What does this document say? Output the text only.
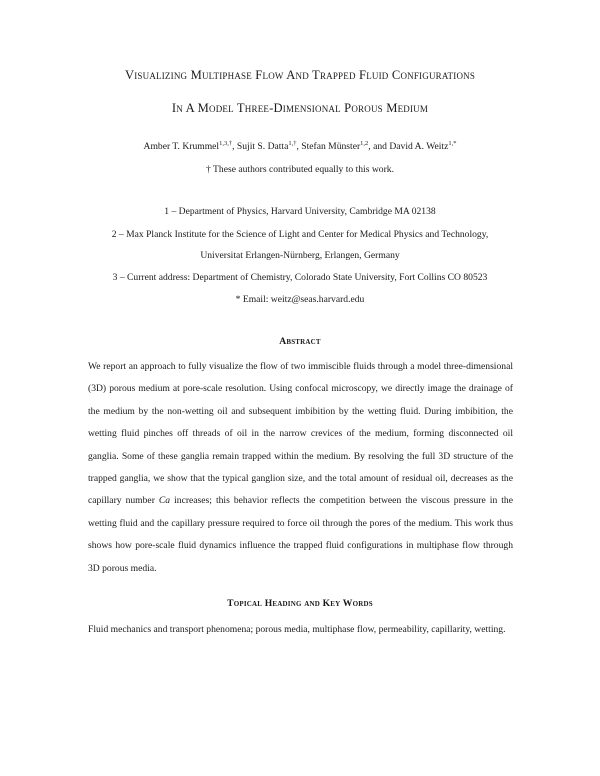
Visualizing Multiphase Flow And Trapped Fluid Configurations
In A Model Three-Dimensional Porous Medium
Amber T. Krummel$^{1,3,\dagger}$, Sujit S. Datta$^{1,\dagger}$, Stefan Münster$^{1,2}$, and David A. Weitz$^{1,*}$
† These authors contributed equally to this work.
1 – Department of Physics, Harvard University, Cambridge MA 02138
2 – Max Planck Institute for the Science of Light and Center for Medical Physics and Technology,
Universitat Erlangen-Nürnberg, Erlangen, Germany
3 – Current address: Department of Chemistry, Colorado State University, Fort Collins CO 80523
* Email: weitz@seas.harvard.edu
Abstract
We report an approach to fully visualize the flow of two immiscible fluids through a model three-dimensional (3D) porous medium at pore-scale resolution. Using confocal microscopy, we directly image the drainage of the medium by the non-wetting oil and subsequent imbibition by the wetting fluid. During imbibition, the wetting fluid pinches off threads of oil in the narrow crevices of the medium, forming disconnected oil ganglia. Some of these ganglia remain trapped within the medium. By resolving the full 3D structure of the trapped ganglia, we show that the typical ganglion size, and the total amount of residual oil, decreases as the capillary number Ca increases; this behavior reflects the competition between the viscous pressure in the wetting fluid and the capillary pressure required to force oil through the pores of the medium. This work thus shows how pore-scale fluid dynamics influence the trapped fluid configurations in multiphase flow through 3D porous media.
Topical Heading and Key Words
Fluid mechanics and transport phenomena; porous media, multiphase flow, permeability, capillarity, wetting.
